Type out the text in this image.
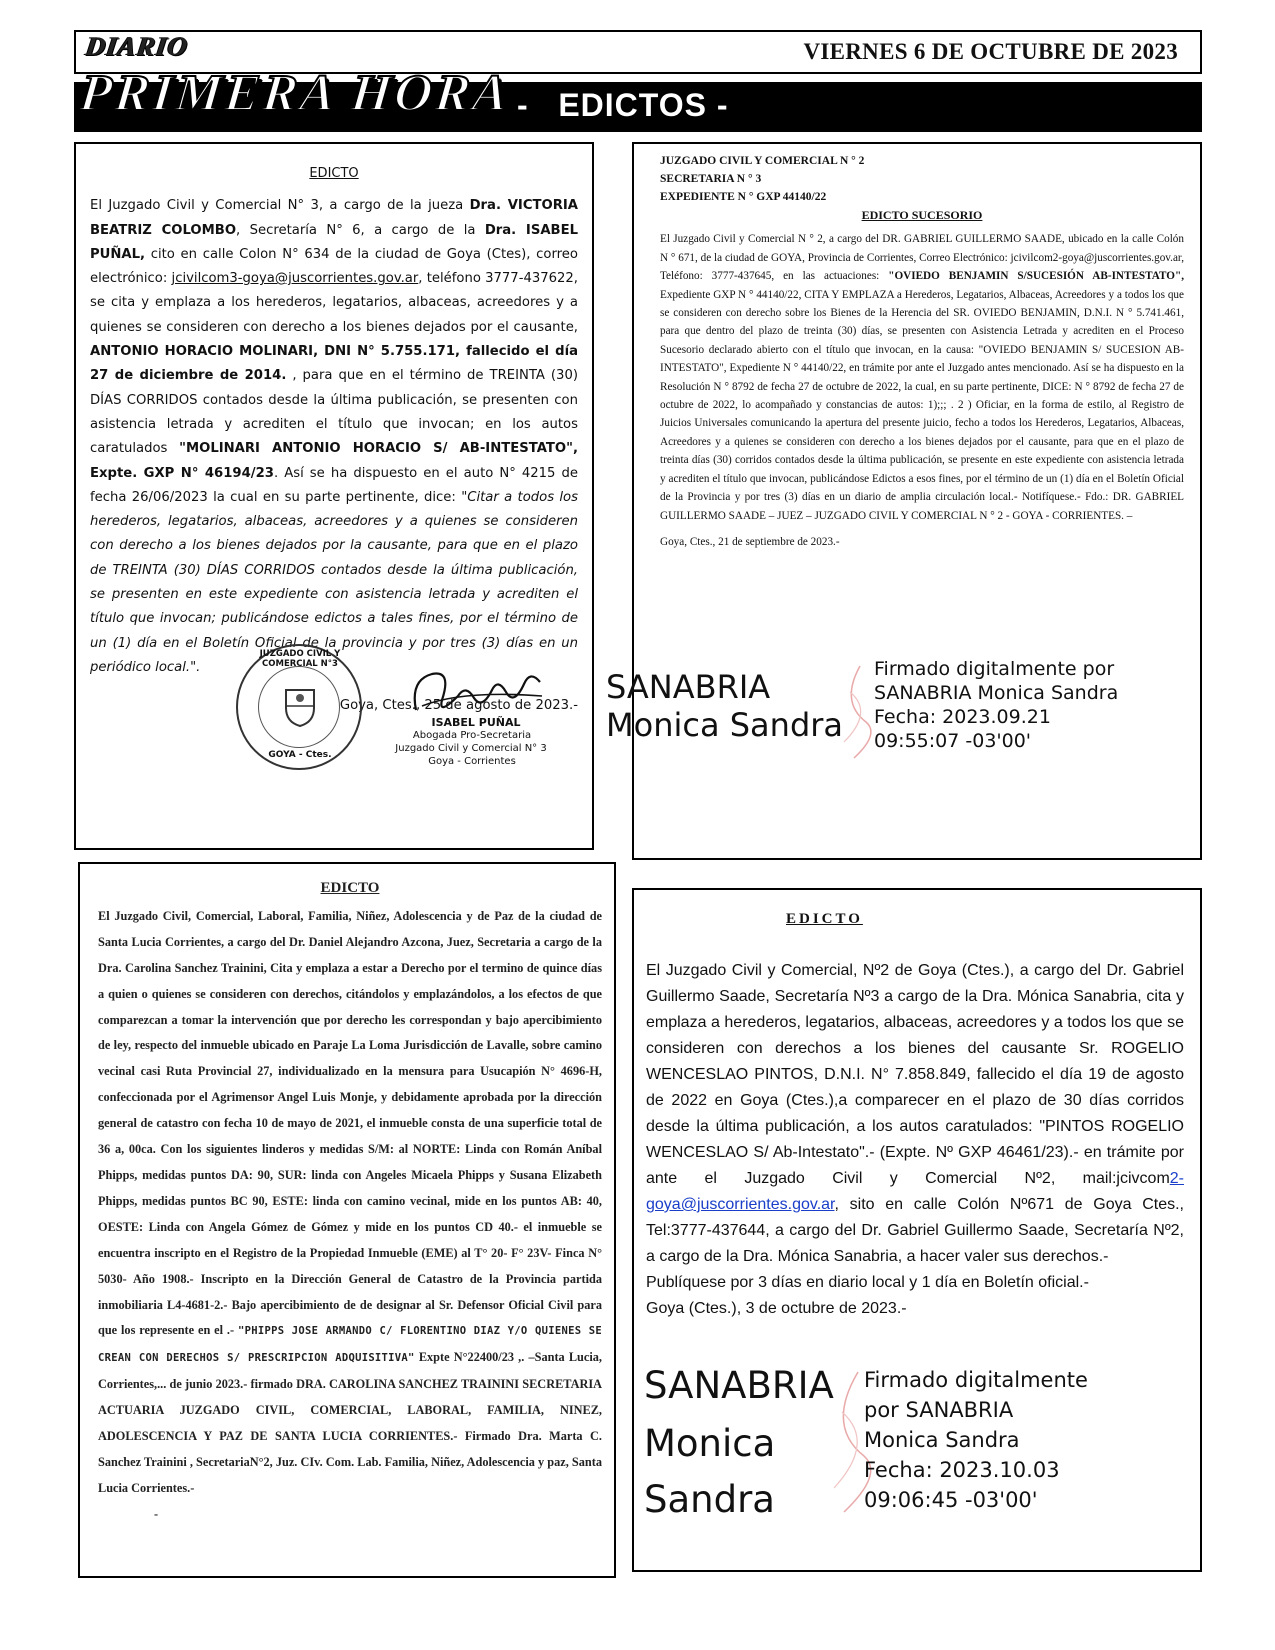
VIERNES 6 DE OCTUBRE DE 2023
-   EDICTOS -
DIARIO
PRIMERA HORA

EDICTO

El Juzgado Civil y Comercial N° 3, a cargo de la jueza Dra. VICTORIA BEATRIZ COLOMBO, Secretaría N° 6, a cargo de la Dra. ISABEL PUÑAL, cito en calle Colon N° 634 de la ciudad de Goya (Ctes), correo electrónico: jcivilcom3-goya@juscorrientes.gov.ar, teléfono 3777-437622, se cita y emplaza a los herederos, legatarios, albaceas, acreedores y a quienes se consideren con derecho a los bienes dejados por el causante, ANTONIO HORACIO MOLINARI, DNI N° 5.755.171, fallecido el día 27 de diciembre de 2014. , para que en el término de TREINTA (30) DÍAS CORRIDOS contados desde la última publicación, se presenten con asistencia letrada y acrediten el título que invocan; en los autos caratulados "MOLINARI ANTONIO HORACIO S/ AB-INTESTATO", Expte. GXP N° 46194/23. Así se ha dispuesto en el auto N° 4215 de fecha 26/06/2023 la cual en su parte pertinente, dice: "Citar a todos los herederos, legatarios, albaceas, acreedores y a quienes se consideren con derecho a los bienes dejados por la causante, para que en el plazo de TREINTA (30) DÍAS CORRIDOS contados desde la última publicación, se presenten en este expediente con asistencia letrada y acrediten el título que invocan; publicándose edictos a tales fines, por el término de un (1) día en el Boletín Oficial de la provincia y por tres (3) días en un periódico local.".

Goya, Ctes., 25 de agosto de 2023.-

JUZGADO CIVIL Y COMERCIAL N°3
GOYA - Ctes.
ISABEL PUÑAL
Abogada Pro-Secretaria
Juzgado Civil y Comercial N° 3
Goya - Corrientes

JUZGADO CIVIL Y COMERCIAL N ° 2

SECRETARIA N ° 3

EXPEDIENTE N ° GXP 44140/22

EDICTO SUCESORIO

El Juzgado Civil y Comercial N ° 2, a cargo del DR. GABRIEL GUILLERMO SAADE, ubicado en la calle Colón N ° 671, de la ciudad de GOYA, Provincia de Corrientes, Correo Electrónico: jcivilcom2-goya@juscorrientes.gov.ar, Teléfono: 3777-437645, en las actuaciones: "OVIEDO BENJAMIN S/SUCESIÓN AB-INTESTATO", Expediente GXP N ° 44140/22, CITA Y EMPLAZA a Herederos, Legatarios, Albaceas, Acreedores y a todos los que se consideren con derecho sobre los Bienes de la Herencia del SR. OVIEDO BENJAMIN, D.N.I. N ° 5.741.461, para que dentro del plazo de treinta (30) días, se presenten con Asistencia Letrada y acrediten en el Proceso Sucesorio declarado abierto con el título que invocan, en la causa: "OVIEDO BENJAMIN S/ SUCESION AB-INTESTATO", Expediente N ° 44140/22, en trámite por ante el Juzgado antes mencionado. Así se ha dispuesto en la Resolución N ° 8792 de fecha 27 de octubre de 2022, la cual, en su parte pertinente, DICE: N ° 8792 de fecha 27 de octubre de 2022, lo acompañado y constancias de autos: 1);;; . 2 ) Oficiar, en la forma de estilo, al Registro de Juicios Universales comunicando la apertura del presente juicio, fecho a todos los Herederos, Legatarios, Albaceas, Acreedores y a quienes se consideren con derecho a los bienes dejados por el causante, para que en el plazo de treinta días (30) corridos contados desde la última publicación, se presente en este expediente con asistencia letrada y acrediten el título que invocan, publicándose Edictos a esos fines, por el término de un (1) día en el Boletín Oficial de la Provincia y por tres (3) días en un diario de amplia circulación local.- Notifíquese.- Fdo.: DR. GABRIEL GUILLERMO SAADE – JUEZ – JUZGADO CIVIL Y COMERCIAL N ° 2 - GOYA - CORRIENTES. –

Goya, Ctes., 21 de septiembre de 2023.-

SANABRIA
Monica Sandra
Firmado digitalmente por
SANABRIA Monica Sandra
Fecha: 2023.09.21
09:55:07 -03'00'

EDICTO

El Juzgado Civil, Comercial, Laboral, Familia, Niñez, Adolescencia y de Paz de la ciudad de Santa Lucia Corrientes, a cargo del Dr. Daniel Alejandro Azcona, Juez, Secretaria a cargo de la Dra. Carolina Sanchez Trainini, Cita y emplaza a estar a Derecho por el termino de quince días a quien o quienes se consideren con derechos, citándolos y emplazándolos, a los efectos de que comparezcan a tomar la intervención que por derecho les correspondan y bajo apercibimiento de ley, respecto del inmueble ubicado en Paraje La Loma Jurisdicción de Lavalle, sobre camino vecinal casi Ruta Provincial 27, individualizado en la mensura para Usucapión N° 4696-H, confeccionada por el Agrimensor Angel Luis Monje, y debidamente aprobada por la dirección general de catastro con fecha 10 de mayo de 2021, el inmueble consta de una superficie total de 36 a, 00ca. Con los siguientes linderos y medidas S/M: al NORTE: Linda con Román Aníbal Phipps, medidas puntos DA: 90, SUR: linda con Angeles Micaela Phipps y Susana Elizabeth Phipps, medidas puntos BC 90, ESTE: linda con camino vecinal, mide en los puntos AB: 40, OESTE: Linda con Angela Gómez de Gómez y mide en los puntos CD 40.- el inmueble se encuentra inscripto en el Registro de la Propiedad Inmueble (EME) al T° 20- F° 23V- Finca N° 5030- Año 1908.- Inscripto en la Dirección General de Catastro de la Provincia partida inmobiliaria L4-4681-2.- Bajo apercibimiento de de designar al Sr. Defensor Oficial Civil para que los represente en el .- "PHIPPS JOSE ARMANDO C/ FLORENTINO DIAZ Y/O QUIENES SE CREAN CON DERECHOS S/ PRESCRIPCION ADQUISITIVA" Expte N°22400/23 ,. –Santa Lucia, Corrientes,... de junio 2023.- firmado DRA. CAROLINA SANCHEZ TRAININI SECRETARIA ACTUARIA JUZGADO CIVIL, COMERCIAL, LABORAL, FAMILIA, NINEZ, ADOLESCENCIA Y PAZ DE SANTA LUCIA CORRIENTES.- Firmado Dra. Marta C. Sanchez Trainini , SecretariaN°2, Juz. CIv. Com. Lab. Familia, Niñez, Adolescencia y paz, Santa Lucia Corrientes.-

-

EDICTO

El Juzgado Civil y Comercial, Nº2 de Goya (Ctes.), a cargo del Dr. Gabriel Guillermo Saade, Secretaría Nº3 a cargo de la Dra. Mónica Sanabria, cita y emplaza a herederos, legatarios, albaceas, acreedores y a todos los que se consideren con derechos a los bienes del causante Sr. ROGELIO WENCESLAO PINTOS, D.N.I. N° 7.858.849, fallecido el día 19 de agosto de 2022 en Goya (Ctes.),a comparecer en el plazo de 30 días corridos desde la última publicación, a los autos caratulados: "PINTOS ROGELIO WENCESLAO S/ Ab-Intestato".- (Expte. Nº GXP 46461/23).- en trámite por ante el Juzgado Civil y Comercial Nº2, mail:jcivcom2-goya@juscorrientes.gov.ar, sito en calle Colón Nº671 de Goya Ctes., Tel:3777-437644, a cargo del Dr. Gabriel Guillermo Saade, Secretaría Nº2, a cargo de la Dra. Mónica Sanabria, a hacer valer sus derechos.-

Publíquese por 3 días en diario local y 1 día en Boletín oficial.-

Goya (Ctes.), 3 de octubre de 2023.-

SANABRIA
Monica
Sandra
Firmado digitalmente
por SANABRIA
Monica Sandra
Fecha: 2023.10.03
09:06:45 -03'00'
